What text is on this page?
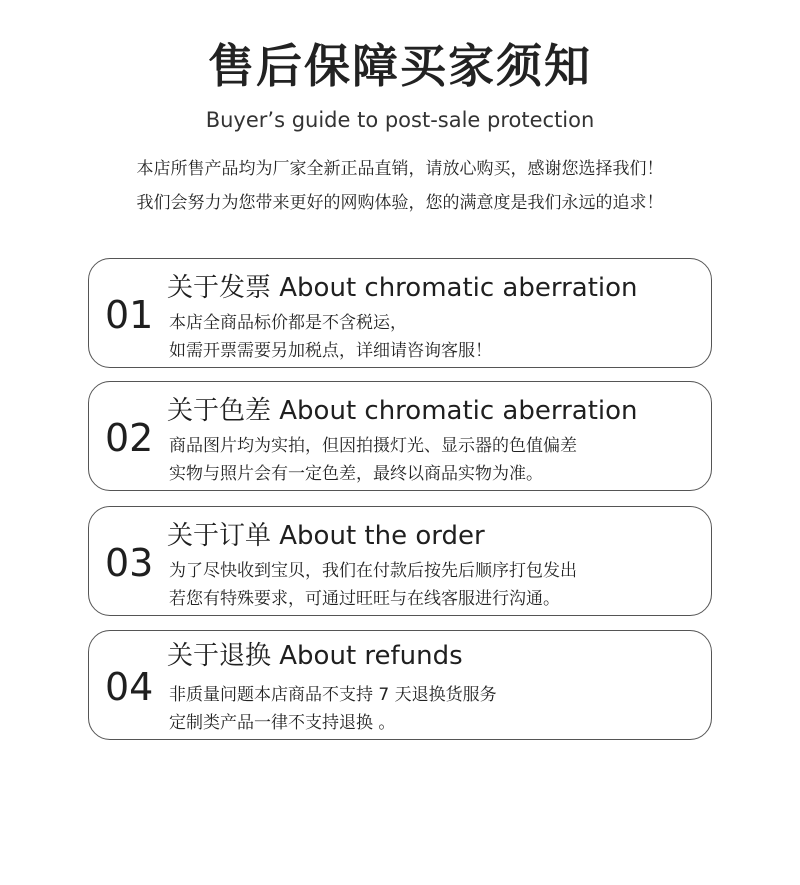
售后保障买家须知
Buyer’s guide to post-sale protection
本店所售产品均为厂家全新正品直销，请放心购买，感谢您选择我们！
我们会努力为您带来更好的网购体验，您的满意度是我们永远的追求！
01
关于发票 About chromatic aberration
本店全商品标价都是不含税运，
如需开票需要另加税点，详细请咨询客服！
02
关于色差 About chromatic aberration
商品图片均为实拍，但因拍摄灯光、显示器的色值偏差
实物与照片会有一定色差，最终以商品实物为准。
03
关于订单 About the order
为了尽快收到宝贝，我们在付款后按先后顺序打包发出
若您有特殊要求，可通过旺旺与在线客服进行沟通。
04
关于退换 About refunds
非质量问题本店商品不支持 7 天退换货服务
定制类产品一律不支持退换 。
